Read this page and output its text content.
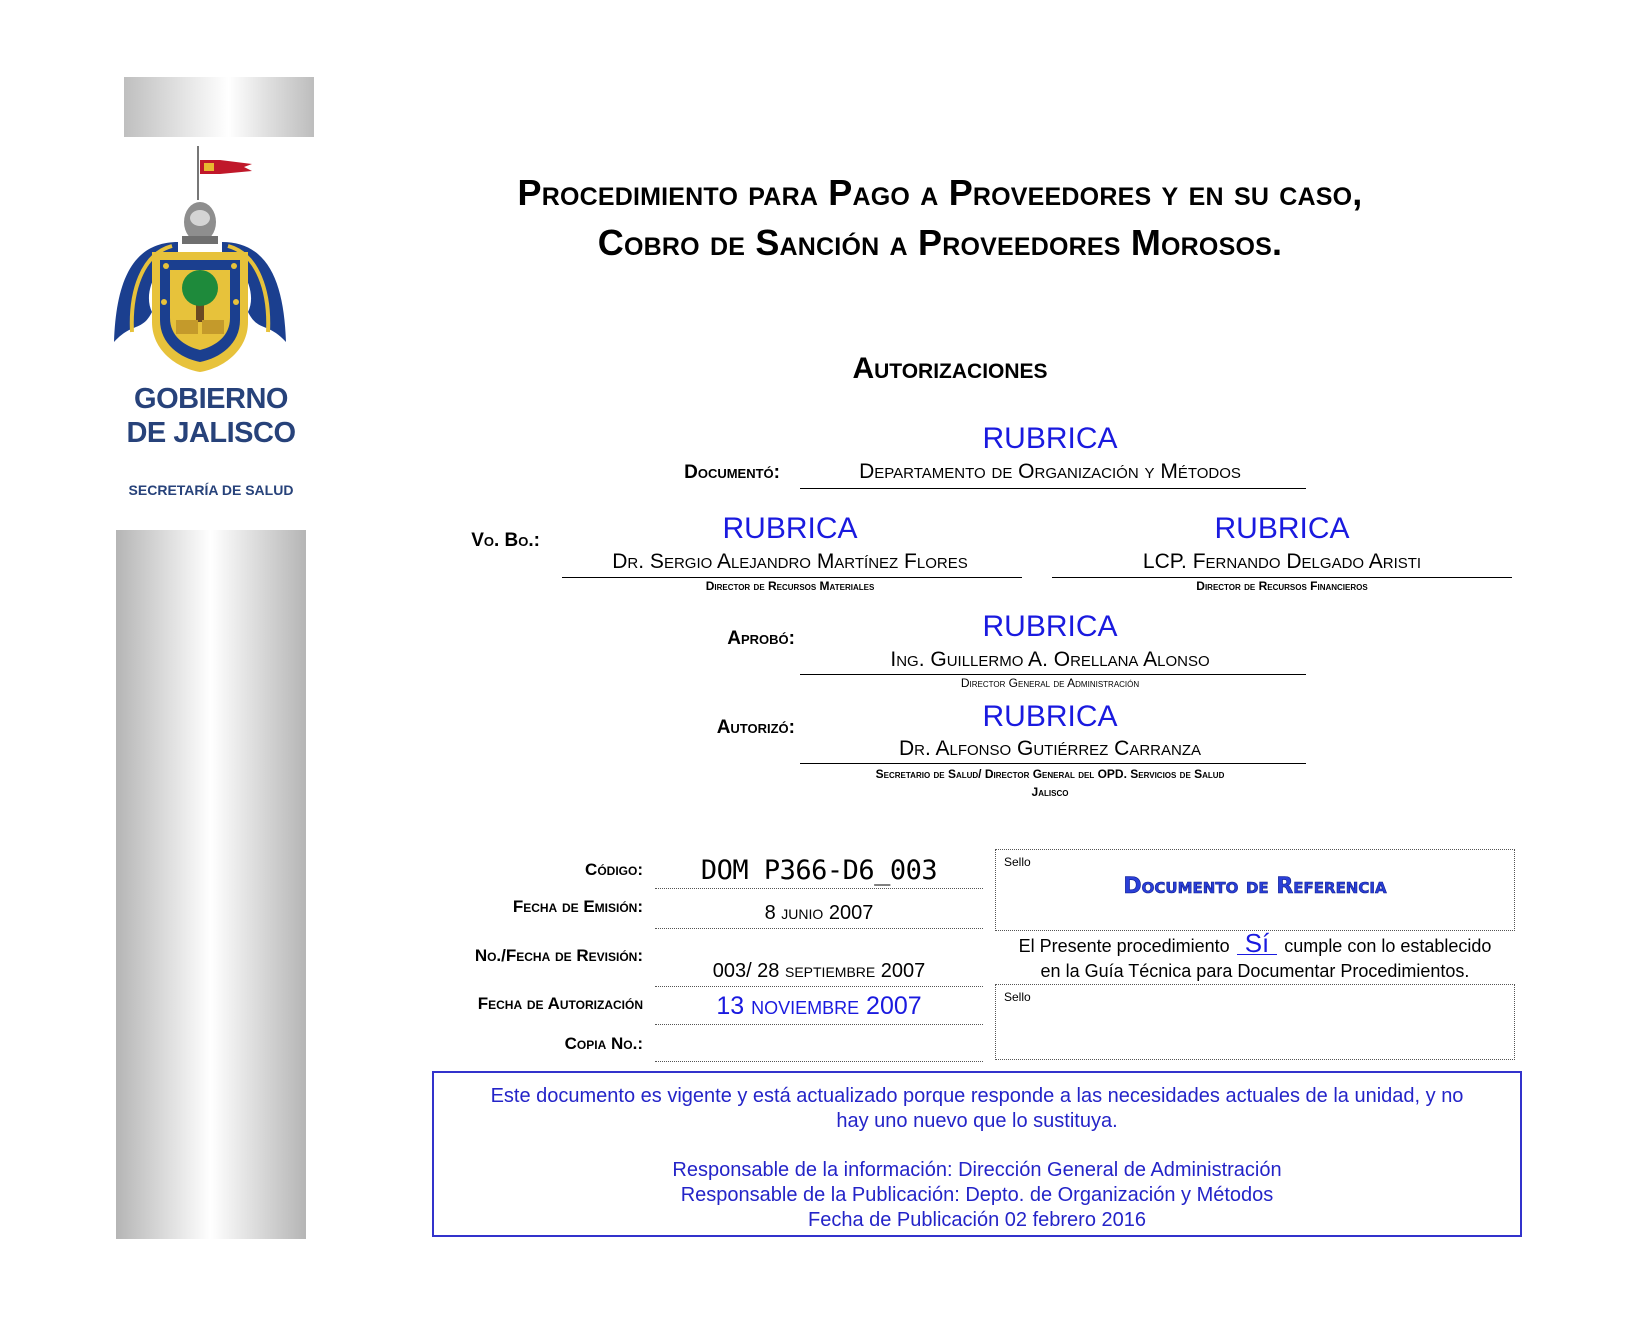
GOBIERNO
DE JALISCO
SECRETARÍA DE SALUD
Procedimiento para Pago a Proveedores y en su caso,
Cobro de Sanción a Proveedores Morosos.
Autorizaciones
RUBRICA
Documentó:	Departamento de Organización y Métodos
Vo. Bo.:	RUBRICA
Dr. Sergio Alejandro Martínez Flores
Director de Recursos Materiales
RUBRICA
LCP. Fernando Delgado Aristi
Director de Recursos Financieros
Aprobó:	RUBRICA
Ing. Guillermo A. Orellana Alonso
Director General de Administración
Autorizó:	RUBRICA
Dr. Alfonso Gutiérrez Carranza
Secretario de Salud/ Director General del OPD. Servicios de Salud
Jalisco
Código:	DOM P366-D6_003
Fecha de Emisión:	8 junio 2007
No./Fecha de Revisión:
003/ 28 septiembre 2007
Fecha de Autorización	13 noviembre 2007
Copia No.:
Sello
Documento de Referencia
El Presente procedimiento Sí cumple con lo establecido
en la Guía Técnica para Documentar Procedimientos.
Sello
Este documento es vigente y está actualizado porque responde a las necesidades actuales de la unidad, y no
hay uno nuevo que lo sustituya.
Responsable de la información: Dirección General de Administración
Responsable de la Publicación: Depto. de Organización y Métodos
Fecha de Publicación 02 febrero 2016
